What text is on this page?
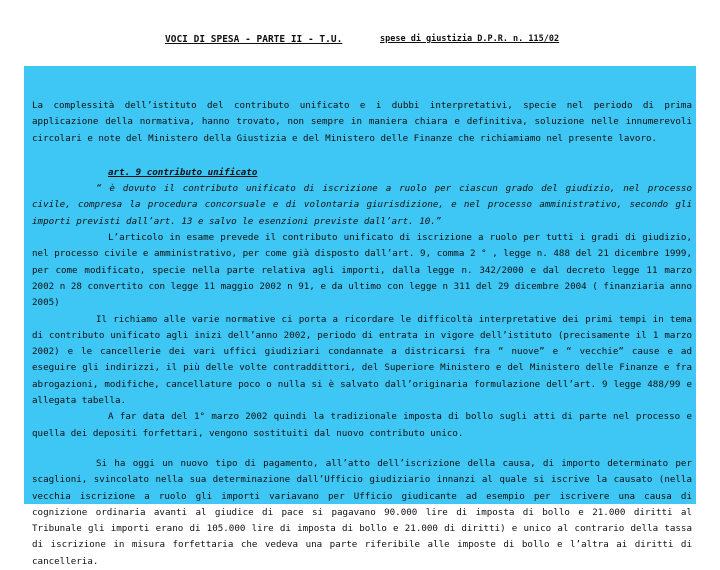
VOCI DI SPESA - PARTE II - T.U.	spese di giustizia D.P.R. n. 115/02

La complessità dell’istituto del contributo unificato e i dubbi interpretativi, specie nel periodo di prima applicazione della normativa, hanno trovato, non sempre in maniera chiara e definitiva, soluzione nelle innumerevoli circolari e note del Ministero della Giustizia e del Ministero delle Finanze che richiamiamo nel presente lavoro.

art. 9 contributo unificato

“ è dovuto il contributo unificato di iscrizione a ruolo per ciascun grado del giudizio, nel processo civile, compresa la procedura concorsuale e di volontaria giurisdizione, e nel processo amministrativo, secondo gli importi previsti dall’art. 13 e salvo le esenzioni previste dall’art. 10.”

L’articolo in esame prevede il contributo unificato di iscrizione a ruolo per tutti i gradi di giudizio, nel processo civile e amministrativo, per come già disposto dall’art. 9, comma 2 ° , legge n. 488 del 21 dicembre 1999, per come modificato, specie nella parte relativa agli importi, dalla legge n. 342/2000 e dal decreto legge 11 marzo 2002 n 28 convertito con legge 11 maggio 2002 n 91, e da ultimo con legge n 311 del 29 dicembre 2004 ( finanziaria anno 2005)

Il richiamo alle varie normative ci porta a ricordare le difficoltà interpretative dei primi tempi in tema di contributo unificato agli inizi dell’anno 2002, periodo di entrata in vigore dell’istituto (precisamente il 1 marzo 2002) e le cancellerie dei vari uffici giudiziari condannate a districarsi fra “ nuove” e “ vecchie” cause e ad eseguire gli indirizzi, il più delle volte contraddittori, del Superiore Ministero e del Ministero delle Finanze e fra abrogazioni, modifiche, cancellature poco o nulla si è salvato dall’originaria formulazione dell’art. 9 legge 488/99 e allegata tabella.

A far data del 1° marzo 2002 quindi la tradizionale imposta di bollo sugli atti di parte nel processo e quella dei depositi forfettari, vengono sostituiti dal nuovo contributo unico.

Si ha oggi un nuovo tipo di pagamento, all’atto dell’iscrizione della causa, di importo determinato per scaglioni, svincolato nella sua determinazione dall’Ufficio giudiziario innanzi al quale si iscrive la causato (nella vecchia iscrizione a ruolo gli importi variavano per Ufficio giudicante ad esempio per iscrivere una causa di cognizione ordinaria avanti al giudice di pace si pagavano 90.000 lire di imposta di bollo e 21.000 diritti al Tribunale gli importi erano di 105.000 lire di imposta di bollo e 21.000 di diritti) e unico al contrario della tassa di iscrizione in misura forfettaria che vedeva una parte riferibile alle imposte di bollo e l’altra ai diritti di cancelleria.
